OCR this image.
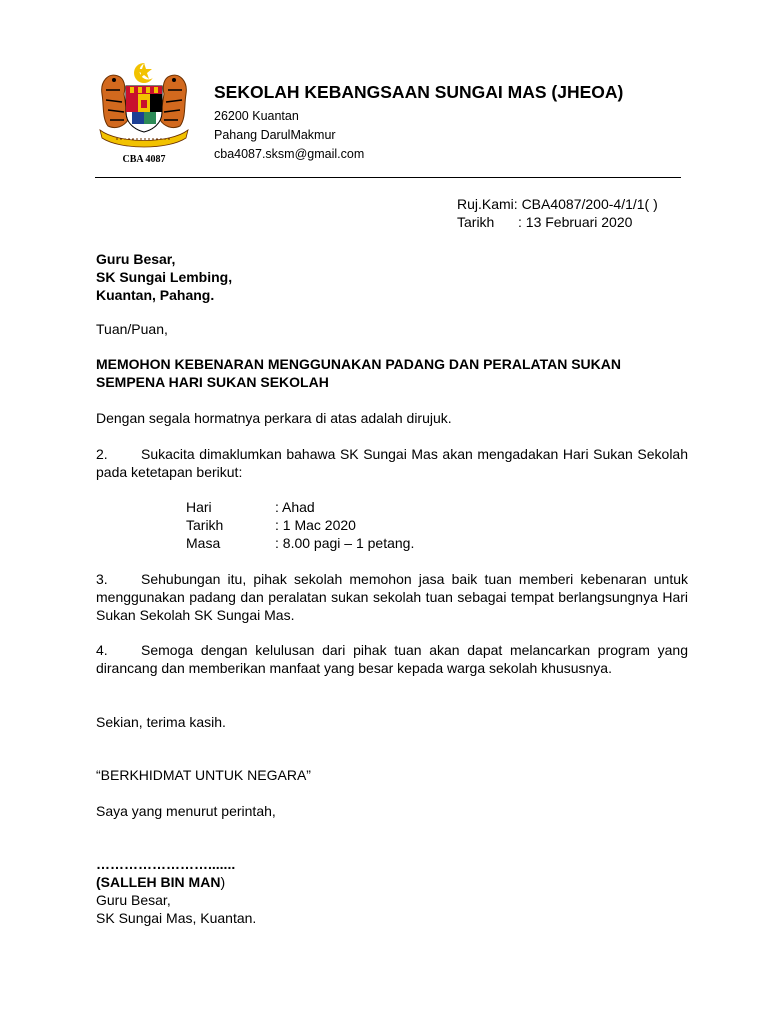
CBA 4087
SEKOLAH KEBANGSAAN SUNGAI MAS (JHEOA)
26200 Kuantan
Pahang DarulMakmur
cba4087.sksm@gmail.com
Ruj.Kami: CBA4087/200-4/1/1( )
Tarikh : 13 Februari 2020
Guru Besar,
SK Sungai Lembing,
Kuantan, Pahang.
Tuan/Puan,
MEMOHON KEBENARAN MENGGUNAKAN PADANG DAN PERALATAN SUKAN
SEMPENA HARI SUKAN SEKOLAH
Dengan segala hormatnya perkara di atas adalah dirujuk.
2. Sukacita dimaklumkan bahawa SK Sungai Mas akan mengadakan Hari Sukan Sekolah pada ketetapan berikut:
Hari	: Ahad
Tarikh	: 1 Mac 2020
Masa	: 8.00 pagi – 1 petang.
3. Sehubungan itu, pihak sekolah memohon jasa baik tuan memberi kebenaran untuk menggunakan padang dan peralatan sukan sekolah tuan sebagai tempat berlangsungnya Hari Sukan Sekolah SK Sungai Mas.
4. Semoga dengan kelulusan dari pihak tuan akan dapat melancarkan program yang dirancang dan memberikan manfaat yang besar kepada warga sekolah khususnya.
Sekian, terima kasih.
“BERKHIDMAT UNTUK NEGARA”
Saya yang menurut perintah,
…………………….......
(SALLEH BIN MAN)
Guru Besar,
SK Sungai Mas, Kuantan.
